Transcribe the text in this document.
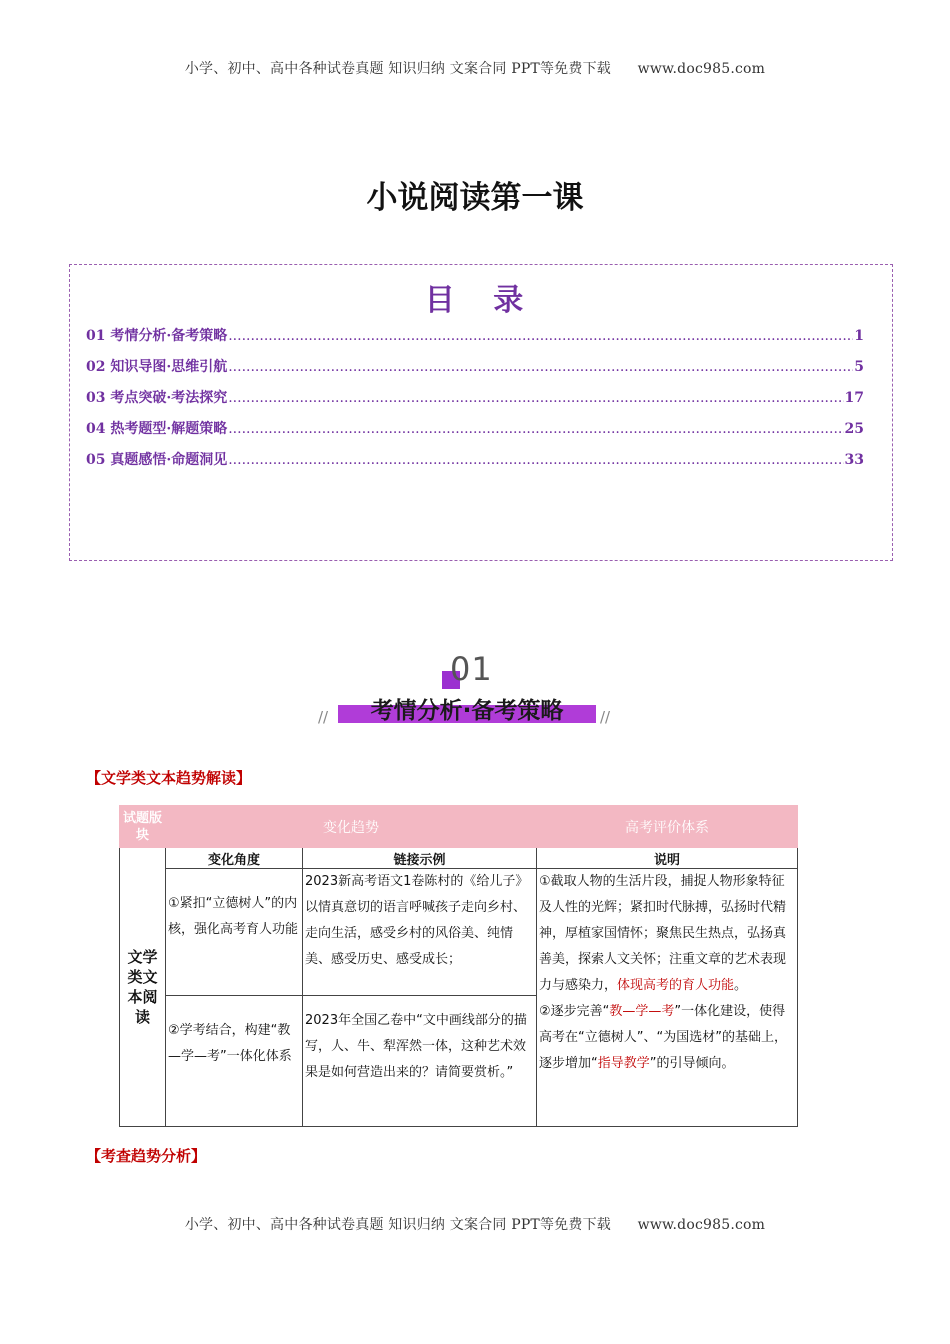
小学、初中、高中各种试卷真题 知识归纳 文案合同 PPT等免费下载 www.doc985.com
小说阅读第一课
目 录
01 考情分析·备考策略 .....	1
02 知识导图·思维引航 .....	5
03 考点突破·考法探究 .....	17
04 热考题型·解题策略 .....	25
05 真题感悟·命题洞见 .....	33
01
//	考情分析·备考策略	//
【文学类文本趋势解读】
试题版块	变化趋势		高考评价体系
文学类文本阅读	变化角度	链接示例	说明
	①紧扣“立德树人”的内核，强化高考育人功能	2023新高考语文1卷陈村的《给儿子》以情真意切的语言呼喊孩子走向乡村、走向生活，感受乡村的风俗美、纯情美、感受历史、感受成长；	①截取人物的生活片段，捕捉人物形象特征及人性的光辉；紧扣时代脉搏，弘扬时代精神，厚植家国情怀；聚焦民生热点，弘扬真善美，探索人文关怀；注重文章的艺术表现力与感染力，体现高考的育人功能。
②逐步完善“教—学—考”一体化建设，使得高考在“立德树人”、“为国选材”的基础上，逐步增加“指导教学”的引导倾向。
	②学考结合，构建“教—学—考”一体化体系	2023年全国乙卷中“文中画线部分的描写，人、牛、犁浑然一体，这种艺术效果是如何营造出来的？请简要赏析。”	
【考查趋势分析】
小学、初中、高中各种试卷真题 知识归纳 文案合同 PPT等免费下载 www.doc985.com
